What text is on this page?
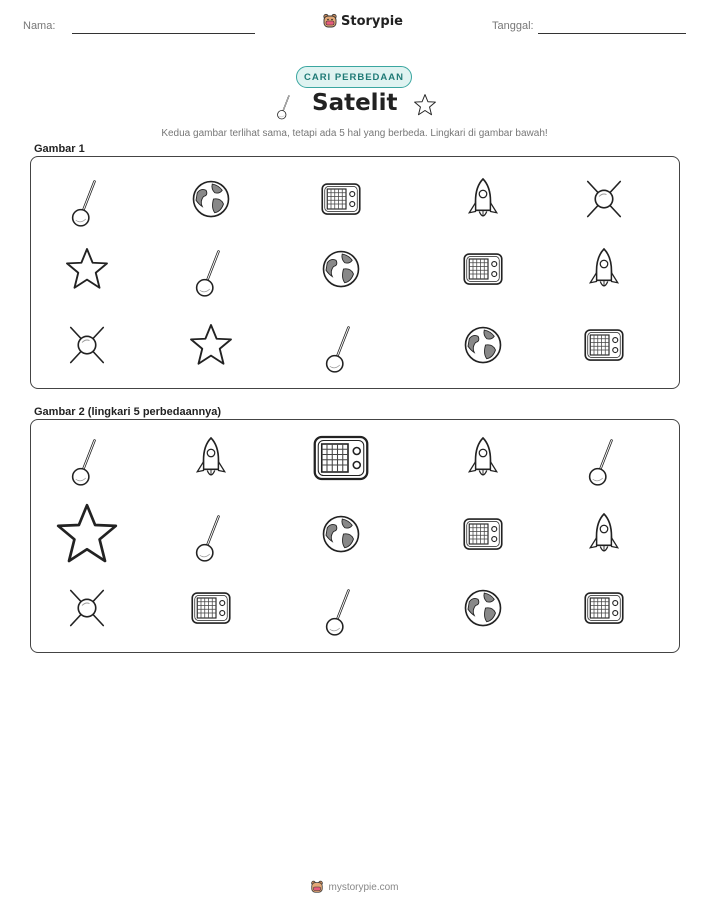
Nama:	Storypie	Tanggal:
CARI PERBEDAAN
Satelit
Kedua gambar terlihat sama, tetapi ada 5 hal yang berbeda. Lingkari di gambar bawah!
Gambar 1
Gambar 2 (lingkari 5 perbedaannya)
mystorypie.com
